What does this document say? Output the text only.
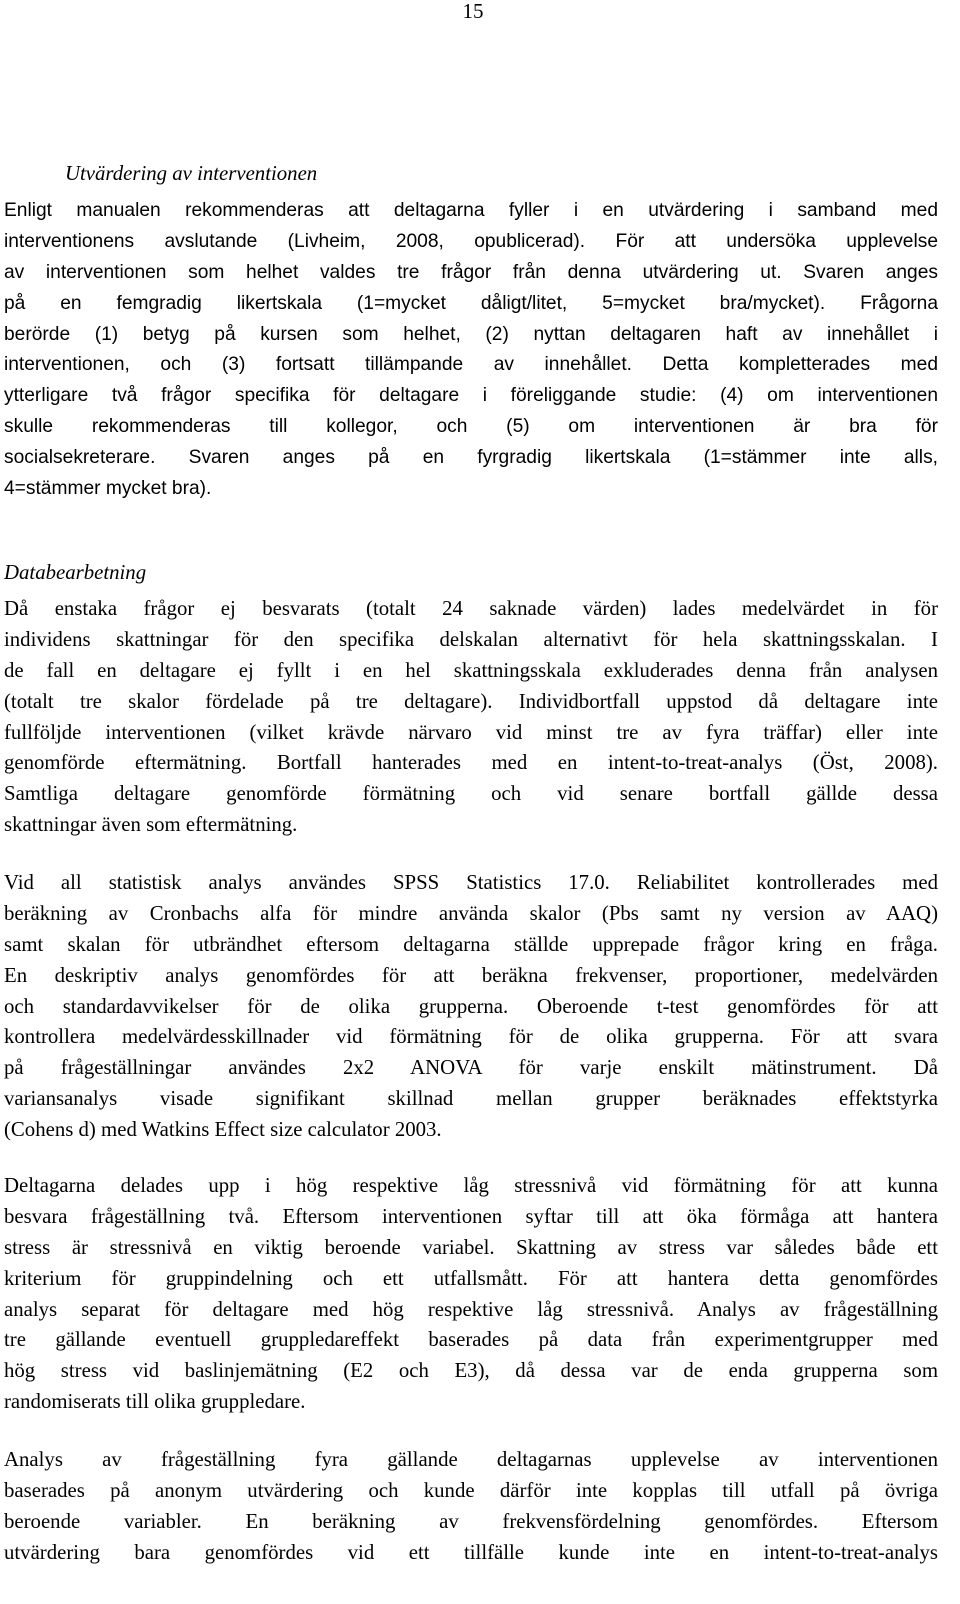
15
Utvärdering av interventionen
Enligt manualen rekommenderas att deltagarna fyller i en utvärdering i samband med
interventionens avslutande (Livheim, 2008, opublicerad). För att undersöka upplevelse
av interventionen som helhet valdes tre frågor från denna utvärdering ut. Svaren anges
på en femgradig likertskala (1=mycket dåligt/litet, 5=mycket bra/mycket). Frågorna
berörde (1) betyg på kursen som helhet, (2) nyttan deltagaren haft av innehållet i
interventionen, och (3) fortsatt tillämpande av innehållet. Detta kompletterades med
ytterligare två frågor specifika för deltagare i föreliggande studie: (4) om interventionen
skulle rekommenderas till kollegor, och (5) om interventionen är bra för
socialsekreterare. Svaren anges på en fyrgradig likertskala (1=stämmer inte alls,
4=stämmer mycket bra).
Databearbetning
Då enstaka frågor ej besvarats (totalt 24 saknade värden) lades medelvärdet in för
individens skattningar för den specifika delskalan alternativt för hela skattningsskalan. I
de fall en deltagare ej fyllt i en hel skattningsskala exkluderades denna från analysen
(totalt tre skalor fördelade på tre deltagare). Individbortfall uppstod då deltagare inte
fullföljde interventionen (vilket krävde närvaro vid minst tre av fyra träffar) eller inte
genomförde eftermätning. Bortfall hanterades med en intent-to-treat-analys (Öst, 2008).
Samtliga deltagare genomförde förmätning och vid senare bortfall gällde dessa
skattningar även som eftermätning.
Vid all statistisk analys användes SPSS Statistics 17.0. Reliabilitet kontrollerades med
beräkning av Cronbachs alfa för mindre använda skalor (Pbs samt ny version av AAQ)
samt skalan för utbrändhet eftersom deltagarna ställde upprepade frågor kring en fråga.
En deskriptiv analys genomfördes för att beräkna frekvenser, proportioner, medelvärden
och standardavvikelser för de olika grupperna. Oberoende t-test genomfördes för att
kontrollera medelvärdesskillnader vid förmätning för de olika grupperna. För att svara
på frågeställningar användes 2x2 ANOVA för varje enskilt mätinstrument. Då
variansanalys visade signifikant skillnad mellan grupper beräknades effektstyrka
(Cohens d) med Watkins Effect size calculator 2003.
Deltagarna delades upp i hög respektive låg stressnivå vid förmätning för att kunna
besvara frågeställning två. Eftersom interventionen syftar till att öka förmåga att hantera
stress är stressnivå en viktig beroende variabel. Skattning av stress var således både ett
kriterium för gruppindelning och ett utfallsmått. För att hantera detta genomfördes
analys separat för deltagare med hög respektive låg stressnivå. Analys av frågeställning
tre gällande eventuell gruppledareffekt baserades på data från experimentgrupper med
hög stress vid baslinjemätning (E2 och E3), då dessa var de enda grupperna som
randomiserats till olika gruppledare.
Analys av frågeställning fyra gällande deltagarnas upplevelse av interventionen
baserades på anonym utvärdering och kunde därför inte kopplas till utfall på övriga
beroende variabler. En beräkning av frekvensfördelning genomfördes. Eftersom
utvärdering bara genomfördes vid ett tillfälle kunde inte en intent-to-treat-analys
